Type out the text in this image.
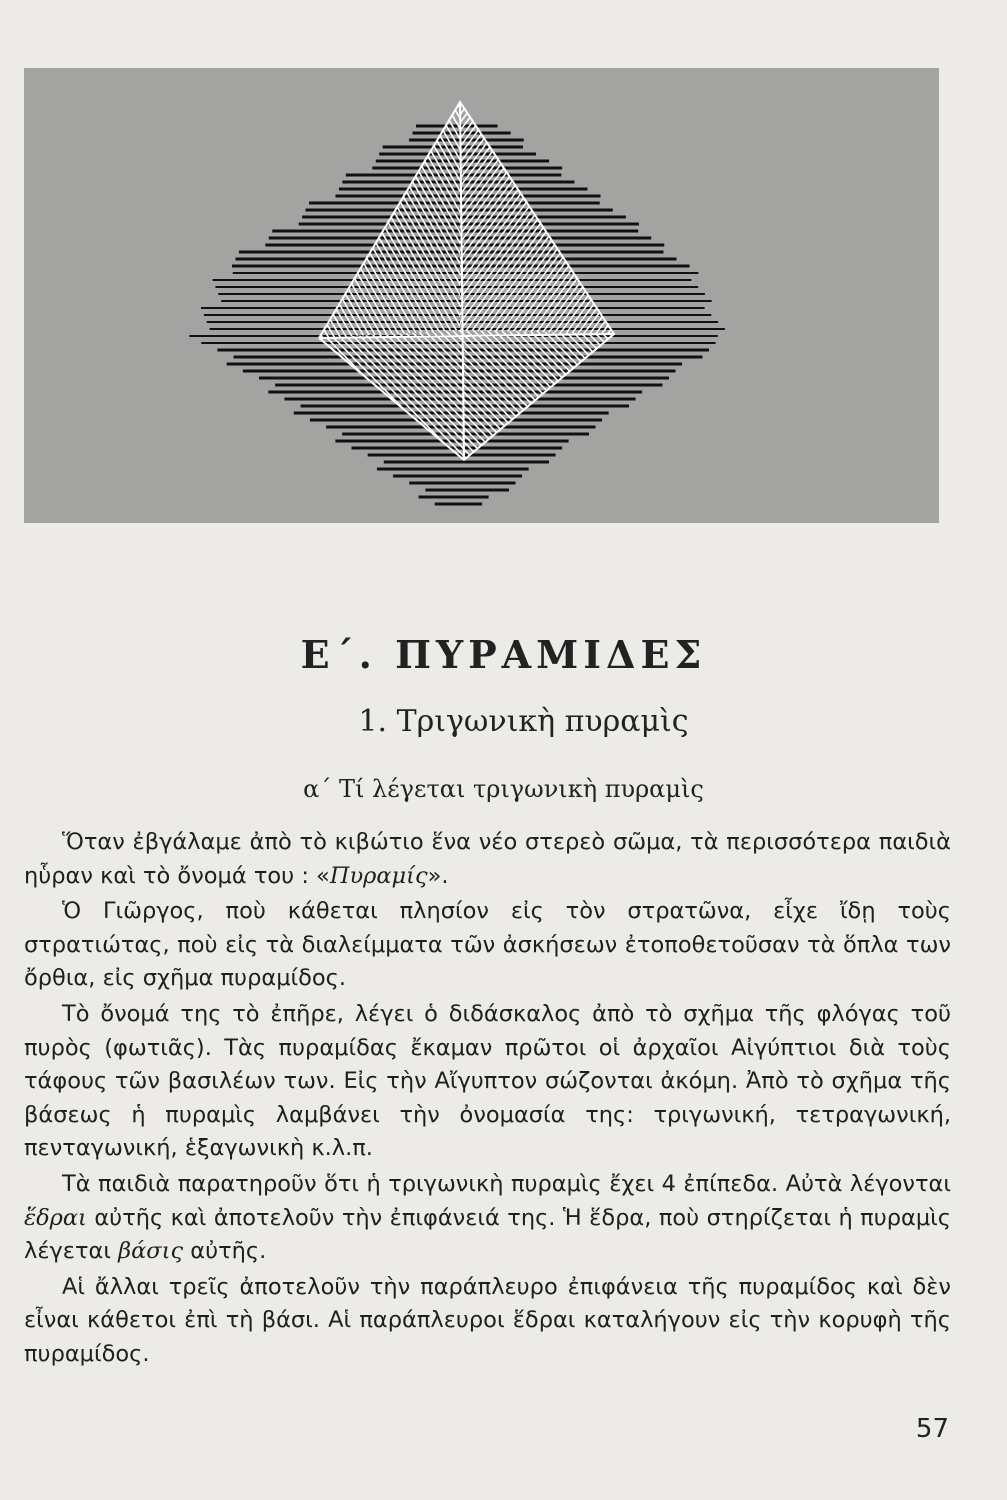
Ε΄. ΠΥΡΑΜΙΔΕΣ
1. Τριγωνικὴ πυραμὶς
α΄ Τί λέγεται τριγωνικὴ πυραμὶς

Ὅταν ἐβγάλαμε ἀπὸ τὸ κιβώτιο ἕνα νέο στερεὸ σῶμα, τὰ περισσότερα παιδιὰ ηὗραν καὶ τὸ ὄνομά του : «Πυραμίς».

Ὁ Γιῶργος, ποὺ κάθεται πλησίον εἰς τὸν στρατῶνα, εἶχε ἴδῃ τοὺς στρατιώτας, ποὺ εἰς τὰ διαλείμματα τῶν ἀσκήσεων ἐτοποθετοῦσαν τὰ ὅπλα των ὄρθια, εἰς σχῆμα πυραμίδος.

Τὸ ὄνομά της τὸ ἐπῆρε, λέγει ὁ διδάσκαλος ἀπὸ τὸ σχῆμα τῆς φλόγας τοῦ πυρὸς (φωτιᾶς). Τὰς πυραμίδας ἔκαμαν πρῶτοι οἱ ἀρχαῖοι Αἰγύπτιοι διὰ τοὺς τάφους τῶν βασιλέων των. Εἰς τὴν Αἴγυπτον σώζονται ἀκόμη. Ἀπὸ τὸ σχῆμα τῆς βάσεως ἡ πυραμὶς λαμβάνει τὴν ὀνομασία της: τριγωνική, τετραγωνική, πενταγωνική, ἑξαγωνικὴ κ.λ.π.

Τὰ παιδιὰ παρατηροῦν ὅτι ἡ τριγωνικὴ πυραμὶς ἔχει 4 ἐπίπεδα. Αὐτὰ λέγονται ἕδραι αὐτῆς καὶ ἀποτελοῦν τὴν ἐπιφάνειά της. Ἡ ἕδρα, ποὺ στηρίζεται ἡ πυραμὶς λέγεται βάσις αὐτῆς.

Αἱ ἄλλαι τρεῖς ἀποτελοῦν τὴν παράπλευρο ἐπιφάνεια τῆς πυραμίδος καὶ δὲν εἶναι κάθετοι ἐπὶ τὴ βάσι. Αἱ παράπλευροι ἕδραι καταλήγουν εἰς τὴν κορυφὴ τῆς πυραμίδος.

57
